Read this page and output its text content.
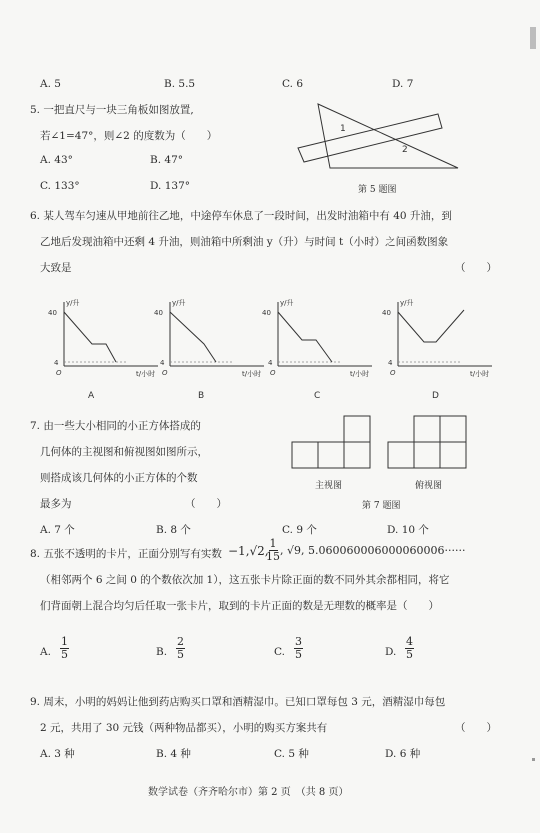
A. 5	B. 5.5	C. 6	D. 7
5. 一把直尺与一块三角板如图放置,
若∠1=47°，则∠2 的度数为（　　）
A. 43°	B. 47°
C. 133°	D. 137°
1
2
第 5 题图
6. 某人驾车匀速从甲地前往乙地，中途停车休息了一段时间，出发时油箱中有 40 升油，到
乙地后发现油箱中还剩 4 升油，则油箱中所剩油 y（升）与时间 t（小时）之间函数图象
大致是	（　　）
y/升
40
4
O	t/小时
A
y/升
40
4
O	t/小时
B
y/升
40
4
O	t/小时
C
y/升
40
4
O	t/小时
D
7. 由一些大小相同的小正方体搭成的
几何体的主视图和俯视图如图所示，
则搭成该几何体的小正方体的个数
最多为	（　　）
主视图	俯视图
第 7 题图
A. 7 个	B. 8 个	C. 9 个	D. 10 个
8. 五张不透明的卡片，正面分别写有实数 −1,√2,
1
15 , √9, 5.060060006000060006······
（相邻两个 6 之间 0 的个数依次加 1），这五张卡片除正面的数不同外其余都相同，将它
们背面朝上混合均匀后任取一张卡片，取到的卡片正面的数是无理数的概率是（　　）
A.
1
5	B.
2
5	C.
3
5	D.
4
5
9. 周末，小明的妈妈让他到药店购买口罩和酒精湿巾。已知口罩每包 3 元，酒精湿巾每包
2 元，共用了 30 元钱（两种物品都买），小明的购买方案共有	（　　）
A. 3 种	B. 4 种	C. 5 种	D. 6 种
数学试卷（齐齐哈尔市）第 2 页　（共 8 页）
